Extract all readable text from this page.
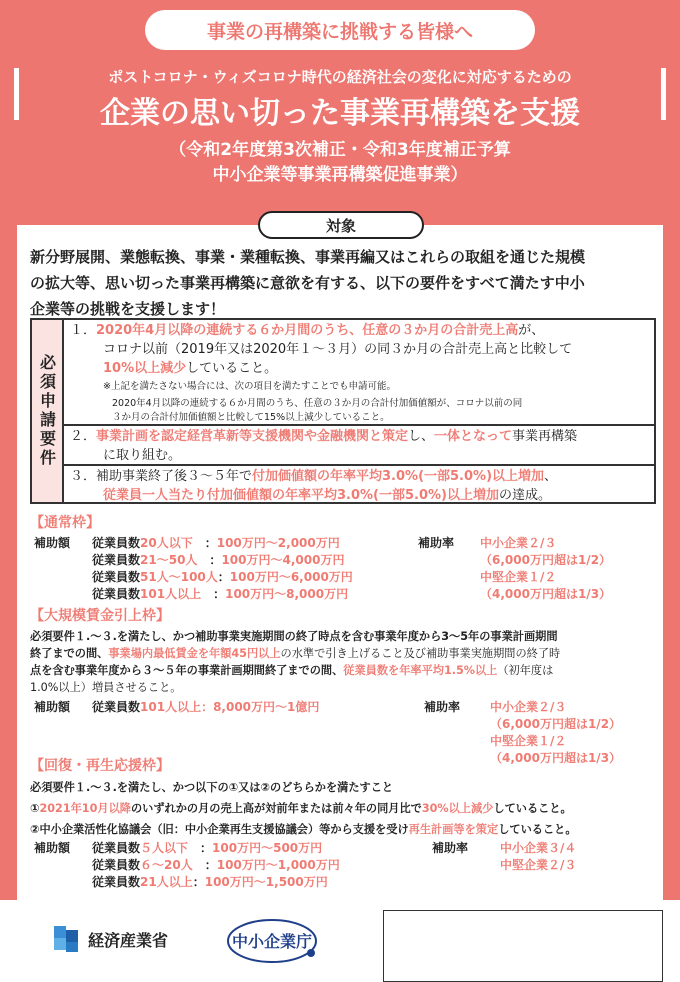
事業の再構築に挑戦する皆様へ
ポストコロナ・ウィズコロナ時代の経済社会の変化に対応するための
企業の思い切った事業再構築を支援
（令和2年度第3次補正・令和3年度補正予算
中小企業等事業再構築促進事業）
対象
新分野展開、業態転換、事業・業種転換、事業再編又はこれらの取組を通じた規模
の拡大等、思い切った事業再構築に意欲を有する、以下の要件をすべて満たす中小
企業等の挑戦を支援します！
必須申請要件
１．2020年4月以降の連続する６か月間のうち、任意の３か月の合計売上高が、
コロナ以前（2019年又は2020年１～３月）の同３か月の合計売上高と比較して
10%以上減少していること。
※上記を満たさない場合には、次の項目を満たすことでも申請可能。
2020年4月以降の連続する６か月間のうち、任意の３か月の合計付加価値額が、コロナ以前の同
３か月の合計付加価値額と比較して15%以上減少していること。
２．事業計画を認定経営革新等支援機関や金融機関と策定し、一体となって事業再構築
に取り組む。
３．補助事業終了後３～５年で付加価値額の年率平均3.0%(一部5.0%)以上増加、
従業員一人当たり付加価値額の年率平均3.0%(一部5.0%)以上増加の達成。
【通常枠】
補助額 従業員数20人以下　：100万円～2,000万円
従業員数21～50人　：100万円～4,000万円
従業員数51人～100人：100万円～6,000万円
従業員数101人以上　：100万円～8,000万円
補助率 中小企業２/３
（6,000万円超は1/2）
中堅企業１/２
（4,000万円超は1/3）
【大規模賃金引上枠】
必須要件１.～３.を満たし、かつ補助事業実施期間の終了時点を含む事業年度から3～5年の事業計画期間
終了までの間、事業場内最低賃金を年額45円以上の水準で引き上げること及び補助事業実施期間の終了時
点を含む事業年度から３～５年の事業計画期間終了までの間、従業員数を年率平均1.5%以上（初年度は
1.0%以上）増員させること。
補助額 従業員数101人以上：8,000万円～1億円	補助率 中小企業２/３
（6,000万円超は1/2）
中堅企業１/２
（4,000万円超は1/3）
【回復・再生応援枠】
必須要件１.～３.を満たし、かつ以下の①又は②のどちらかを満たすこと
①2021年10月以降のいずれかの月の売上高が対前年または前々年の同月比で30%以上減少していること。
②中小企業活性化協議会（旧：中小企業再生支援協議会）等から支援を受け再生計画等を策定していること。
補助額 従業員数５人以下　：100万円～500万円
従業員数６～20人　：100万円～1,000万円
従業員数21人以上：100万円～1,500万円
補助率	中小企業３/４
中堅企業２/３
経済産業省	中小企業庁
